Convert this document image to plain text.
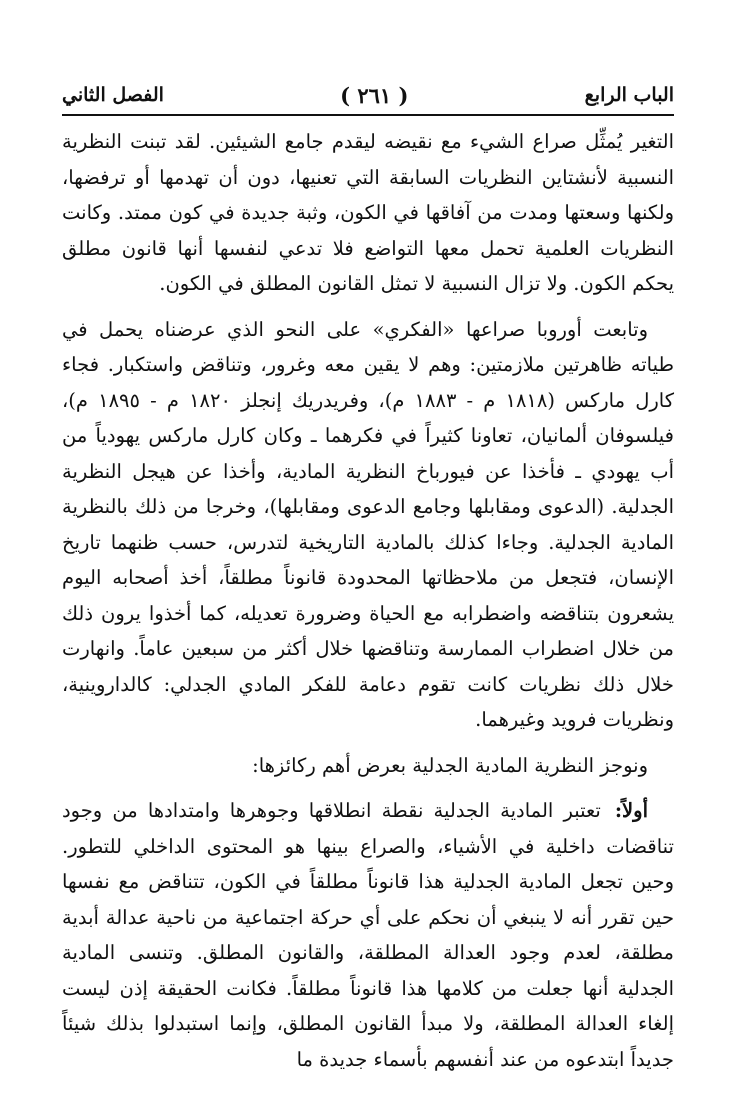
الباب الرابع
( ٢٦١ )
الفصل الثاني

التغير يُمثِّل صراع الشيء مع نقيضه ليقدم جامع الشيئين. لقد تبنت النظرية النسبية لأنشتاين النظريات السابقة التي تعنيها، دون أن تهدمها أو ترفضها، ولكنها وسعتها ومدت من آفاقها في الكون، وثبة جديدة في كون ممتد. وكانت النظريات العلمية تحمل معها التواضع فلا تدعي لنفسها أنها قانون مطلق يحكم الكون. ولا تزال النسبية لا تمثل القانون المطلق في الكون.

وتابعت أوروبا صراعها «الفكري» على النحو الذي عرضناه يحمل في طياته ظاهرتين ملازمتين: وهم لا يقين معه وغرور، وتناقض واستكبار. فجاء كارل ماركس (١٨١٨ م - ١٨٨٣ م)، وفريدريك إنجلز ١٨٢٠ م - ١٨٩٥ م)، فيلسوفان ألمانيان، تعاونا كثيراً في فكرهما ـ وكان كارل ماركس يهودياً من أب يهودي ـ فأخذا عن فيورباخ النظرية المادية، وأخذا عن هيجل النظرية الجدلية. (الدعوى ومقابلها وجامع الدعوى ومقابلها)، وخرجا من ذلك بالنظرية المادية الجدلية. وجاءا كذلك بالمادية التاريخية لتدرس، حسب ظنهما تاريخ الإنسان، فتجعل من ملاحظاتها المحدودة قانوناً مطلقاً، أخذ أصحابه اليوم يشعرون بتناقضه واضطرابه مع الحياة وضرورة تعديله، كما أخذوا يرون ذلك من خلال اضطراب الممارسة وتناقضها خلال أكثر من سبعين عاماً. وانهارت خلال ذلك نظريات كانت تقوم دعامة للفكر المادي الجدلي: كالداروينية، ونظريات فرويد وغيرهما.

ونوجز النظرية المادية الجدلية بعرض أهم ركائزها:

أولاً:تعتبر المادية الجدلية نقطة انطلاقها وجوهرها وامتدادها من وجود تناقضات داخلية في الأشياء، والصراع بينها هو المحتوى الداخلي للتطور. وحين تجعل المادية الجدلية هذا قانوناً مطلقاً في الكون، تتناقض مع نفسها حين تقرر أنه لا ينبغي أن نحكم على أي حركة اجتماعية من ناحية عدالة أبدية مطلقة، لعدم وجود العدالة المطلقة، والقانون المطلق. وتنسى المادية الجدلية أنها جعلت من كلامها هذا قانوناً مطلقاً. فكانت الحقيقة إذن ليست إلغاء العدالة المطلقة، ولا مبدأ القانون المطلق، وإنما استبدلوا بذلك شيئاً جديداً ابتدعوه من عند أنفسهم بأسماء جديدة ما
